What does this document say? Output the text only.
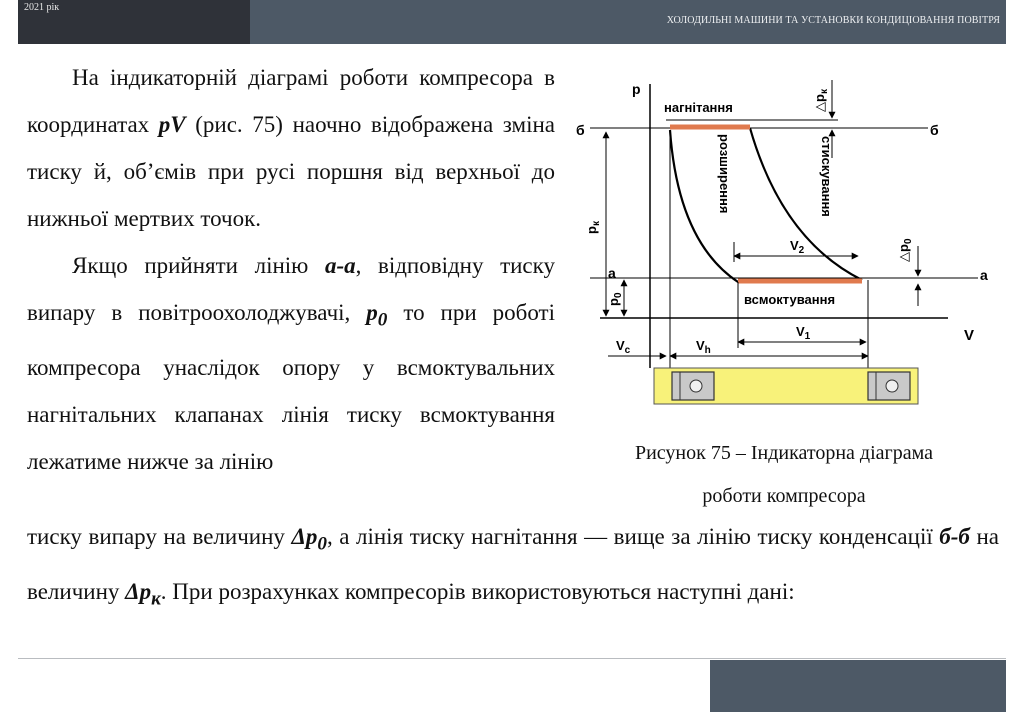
2021 рік
ХОЛОДИЛЬНІ МАШИНИ ТА УСТАНОВКИ КОНДИЦІОВАННЯ ПОВІТРЯ

На індикаторній діаграмі роботи компресора в координатах pV (рис. 75) наочно відображена зміна тиску й, об’ємів при русі поршня від верхньої до нижньої мертвих точок.

Якщо прийняти лінію а-а, відповідну тиску випару в повітроохолоджувачі, $p_0$ то при роботі компресора унаслідок опору у всмоктувальних нагнітальних клапанах лінія тиску всмоктування лежатиме нижче за лінію

тиску випару на величину $\Delta p_0$, а лінія тиску нагнітання — вище за лінію тиску конденсації б-б на величину $\Delta p_к$. При розрахунках компресорів використовуються наступні дані:

p
V
б	б
а	а
нагнітання
всмоктування
розширення	стискування
$p_к$
$p_0$
$\triangle p_к$
$\triangle p_0$
$V_2$
$V_1$
$V_c$	$V_h$

Рисунок 75 – Індикаторна діаграма

роботи компресора
